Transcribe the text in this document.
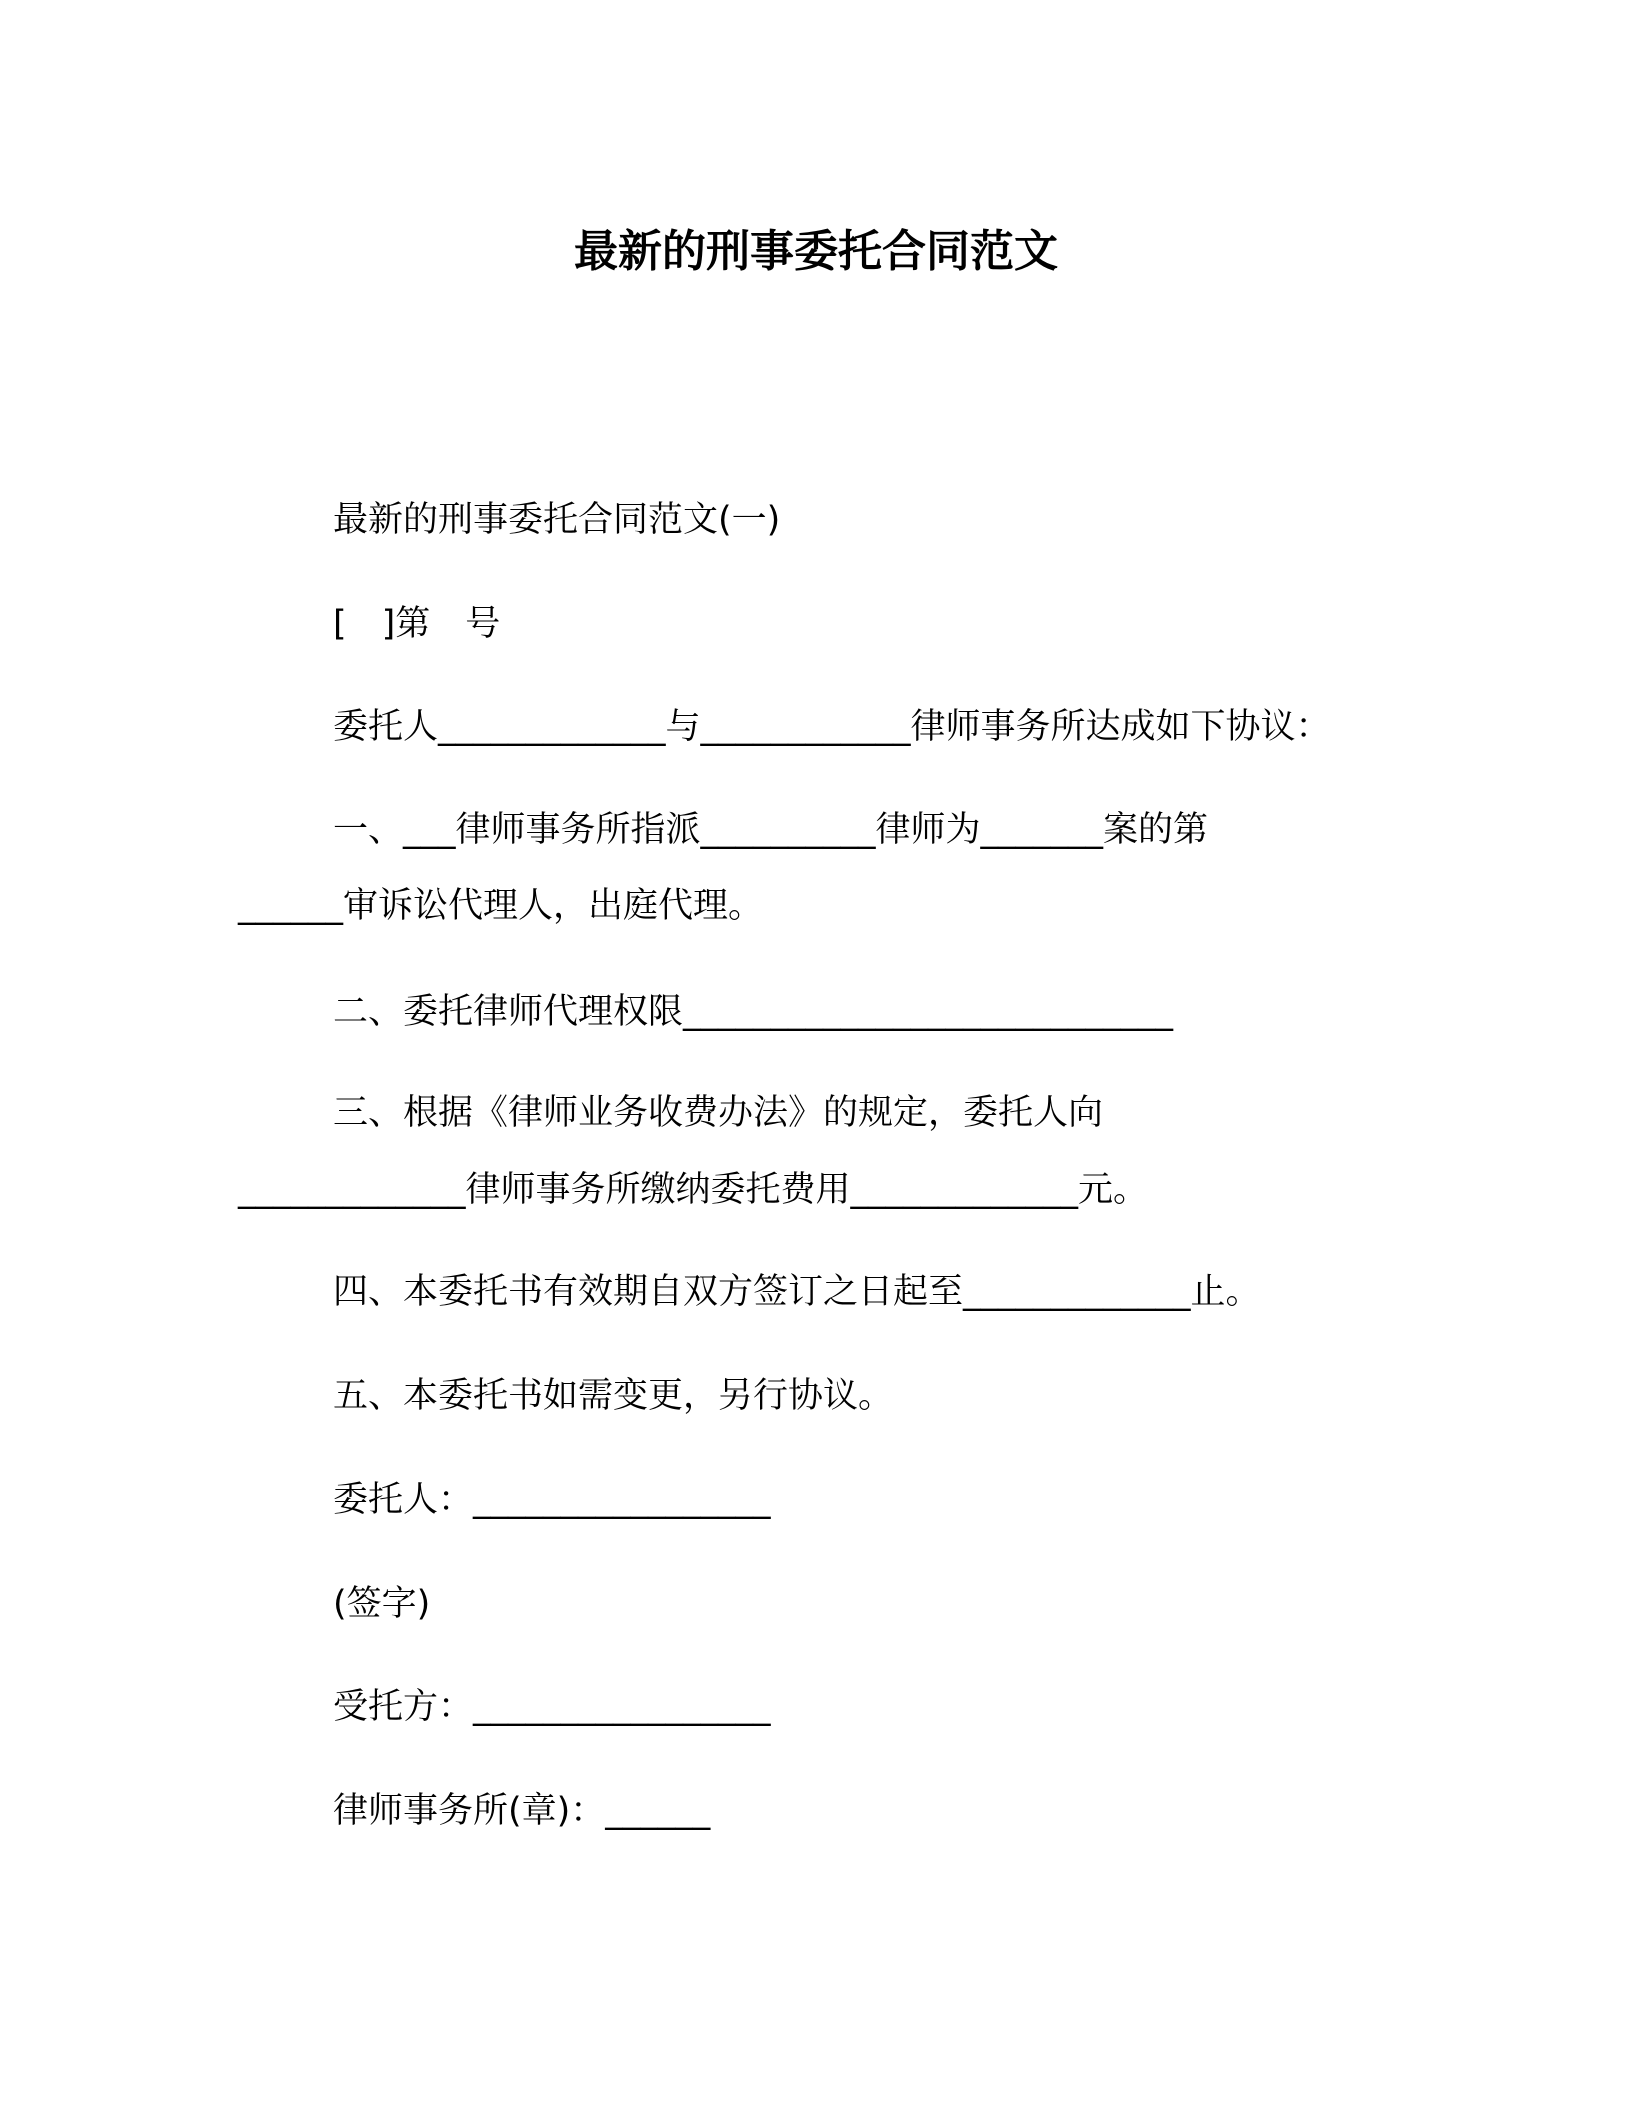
最新的刑事委托合同范文
最新的刑事委托合同范文(一)
[　]第　号
委托人_____________与____________律师事务所达成如下协议：
一、___律师事务所指派__________律师为_______案的第
______审诉讼代理人，出庭代理。
二、委托律师代理权限____________________________
三、根据《律师业务收费办法》的规定，委托人向
_____________律师事务所缴纳委托费用_____________元。
四、本委托书有效期自双方签订之日起至_____________止。
五、本委托书如需变更，另行协议。
委托人：_________________
(签字)
受托方：_________________
律师事务所(章)：______
